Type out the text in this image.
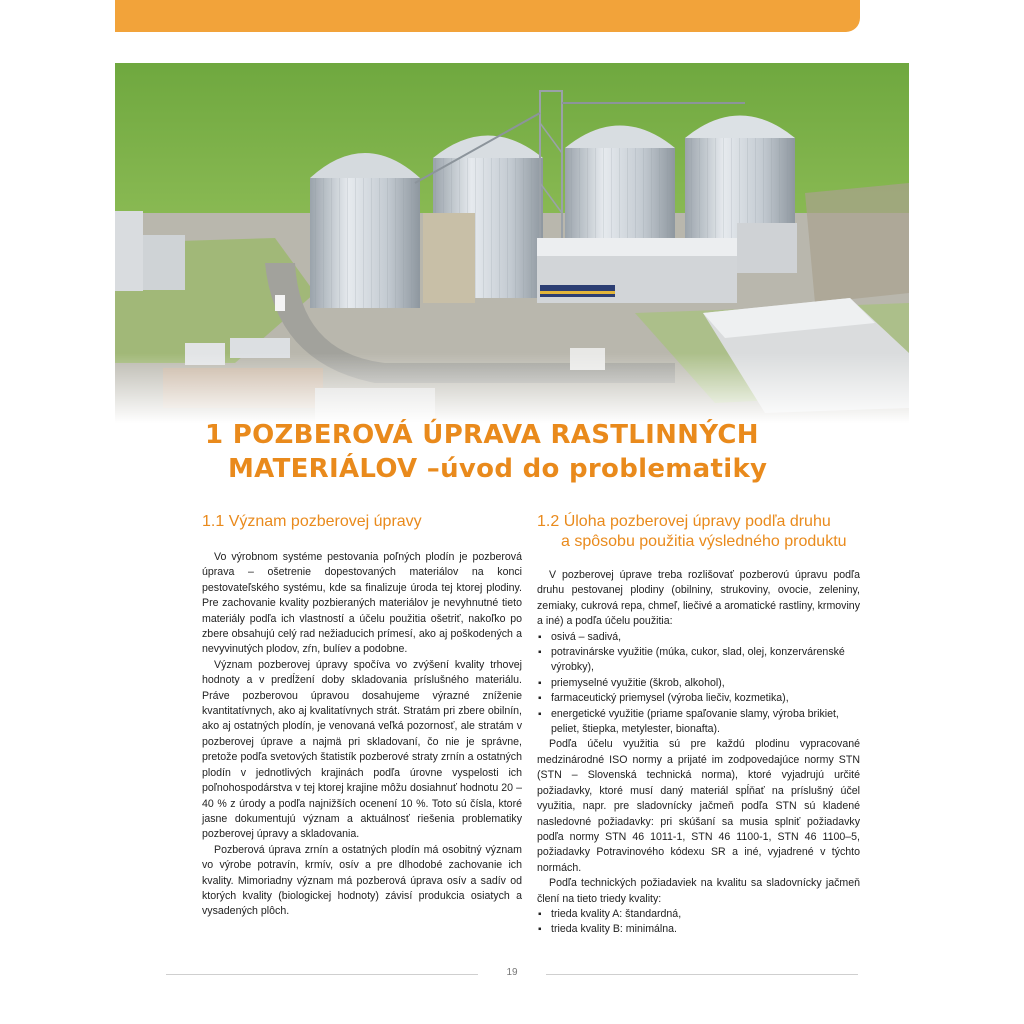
1 POZBEROVÁ ÚPRAVA RASTLINNÝCH
MATERIÁLOV –úvod do problematiky
1.1 Význam pozberovej úpravy

Vo výrobnom systéme pestovania poľných plodín je pozberová úprava – ošetrenie dopestovaných materiálov na konci pestovateľského systému, kde sa finalizuje úroda tej ktorej plodiny. Pre zachovanie kvality pozbieraných materiálov je nevyhnutné tieto materiály podľa ich vlastností a účelu použitia ošetriť, nakoľko po zbere obsahujú celý rad nežiaducich prímesí, ako aj poškodených a nevyvinutých plodov, zŕn, bulíev a podobne.

Význam pozberovej úpravy spočíva vo zvýšení kvality trhovej hodnoty a v predĺžení doby skladovania príslušného materiálu. Práve pozberovou úpravou dosahujeme výrazné zníženie kvantitatívnych, ako aj kvalitatívnych strát. Stratám pri zbere obilnín, ako aj ostatných plodín, je venovaná veľká pozornosť, ale stratám v pozberovej úprave a najmä pri skladovaní, čo nie je správne, pretože podľa svetových štatistík pozberové straty zrnín a ostatných plodín v jednotlivých krajinách podľa úrovne vyspelosti ich poľnohospodárstva v tej ktorej krajine môžu dosiahnuť hodnotu 20 – 40 % z úrody a podľa najnižších ocenení 10 %. Toto sú čísla, ktoré jasne dokumentujú význam a aktuálnosť riešenia problematiky pozberovej úpravy a skladovania.

Pozberová úprava zrnín a ostatných plodín má osobitný význam vo výrobe potravín, krmív, osív a pre dlhodobé zachovanie ich kvality. Mimoriadny význam má pozberová úprava osív a sadív od ktorých kvality (biologickej hodnoty) závisí produkcia osiatych a vysadených plôch.

1.2 Úloha pozberovej úpravy podľa druhu
a spôsobu použitia výsledného produktu

V pozberovej úprave treba rozlišovať pozberovú úpravu podľa druhu pestovanej plodiny (obilniny, strukoviny, ovocie, zeleniny, zemiaky, cukrová repa, chmeľ, liečivé a aromatické rastliny, krmoviny a iné) a podľa účelu použitia:

▪ osivá – sadivá,
▪ potravinárske využitie (múka, cukor, slad, olej, konzervárenské výrobky),
▪ priemyselné využitie (škrob, alkohol),
▪ farmaceutický priemysel (výroba liečiv, kozmetika),
▪ energetické využitie (priame spaľovanie slamy, výroba brikiet, peliet, štiepka, metylester, bionafta).

Podľa účelu využitia sú pre každú plodinu vypracované medzinárodné ISO normy a prijaté im zodpovedajúce normy STN (STN – Slovenská technická norma), ktoré vyjadrujú určité požiadavky, ktoré musí daný materiál spĺňať na príslušný účel využitia, napr. pre sladovnícky jačmeň podľa STN sú kladené nasledovné požiadavky: pri skúšaní sa musia splniť požiadavky podľa normy STN 46 1011-1, STN 46 1100-1, STN 46 1100–5, požiadavky Potravinového kódexu SR a iné, vyjadrené v týchto normách.

Podľa technických požiadaviek na kvalitu sa sladovnícky jačmeň člení na tieto triedy kvality:

▪ trieda kvality A: štandardná,
▪ trieda kvality B: minimálna.
19
